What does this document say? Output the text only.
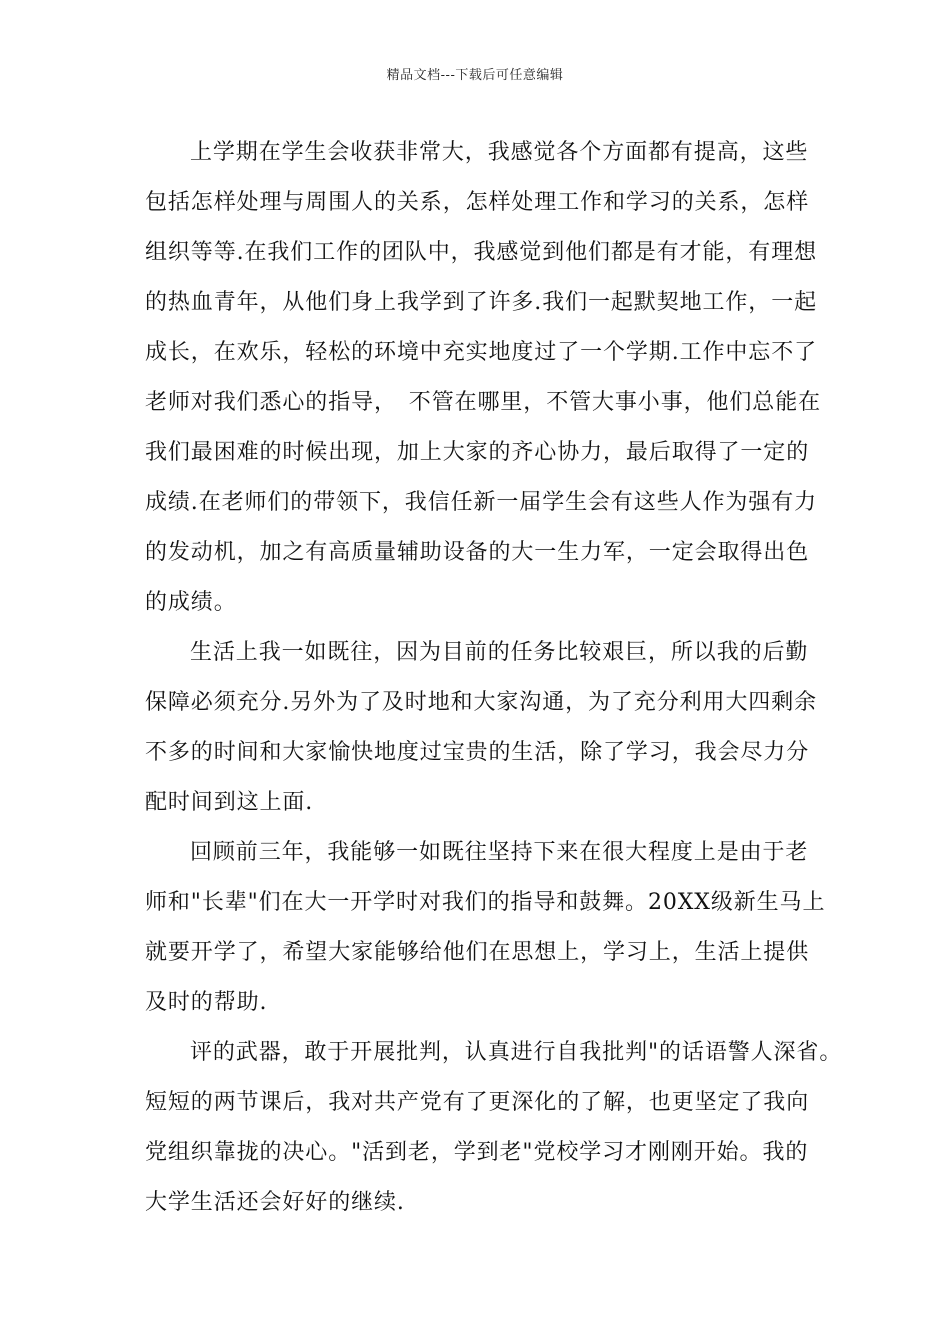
精品文档---下载后可任意编辑
上学期在学生会收获非常大，我感觉各个方面都有提高，这些
包括怎样处理与周围人的关系，怎样处理工作和学习的关系，怎样
组织等等.在我们工作的团队中，我感觉到他们都是有才能，有理想
的热血青年，从他们身上我学到了许多.我们一起默契地工作，一起
成长，在欢乐，轻松的环境中充实地度过了一个学期.工作中忘不了
老师对我们悉心的指导，　不管在哪里，不管大事小事，他们总能在
我们最困难的时候出现，加上大家的齐心协力，最后取得了一定的
成绩.在老师们的带领下，我信任新一届学生会有这些人作为强有力
的发动机，加之有高质量辅助设备的大一生力军，一定会取得出色
的成绩。
生活上我一如既往，因为目前的任务比较艰巨，所以我的后勤
保障必须充分.另外为了及时地和大家沟通，为了充分利用大四剩余
不多的时间和大家愉快地度过宝贵的生活，除了学习，我会尽力分
配时间到这上面.
回顾前三年，我能够一如既往坚持下来在很大程度上是由于老
师和"长辈"们在大一开学时对我们的指导和鼓舞。20XX级新生马上
就要开学了，希望大家能够给他们在思想上，学习上，生活上提供
及时的帮助.
评的武器，敢于开展批判，认真进行自我批判"的话语警人深省。
短短的两节课后，我对共产党有了更深化的了解，也更坚定了我向
党组织靠拢的决心。"活到老，学到老"党校学习才刚刚开始。我的
大学生活还会好好的继续.
